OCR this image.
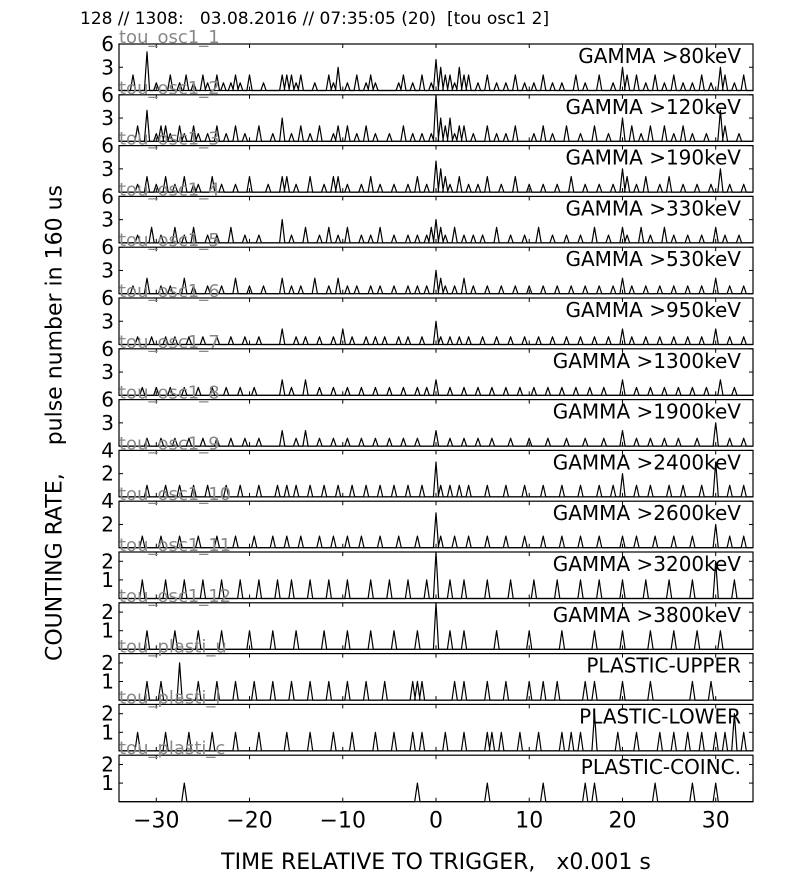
128 // 1308:   03.08.2016 // 07:35:05 (20)  [tou osc1 2]
3
6	GAMMA >80keV
tou_osc1_1
3
6	GAMMA >120keV
tou_osc1_2
3
6	GAMMA >190keV
tou_osc1_3
3
6	GAMMA >330keV
tou_osc1_4
3
6	GAMMA >530keV
tou_osc1_5
3
6	GAMMA >950keV
tou_osc1_6
3
6	GAMMA >1300keV
tou_osc1_7
3
6	GAMMA >1900keV
tou_osc1_8
2
4	GAMMA >2400keV
tou_osc1_9
2
4	GAMMA >2600keV
tou_osc1_10
1
2	GAMMA >3200keV
tou_osc1_11
1
2	GAMMA >3800keV
tou_osc1_12
1
2	PLASTIC-UPPER
tou_plasti_u
1
2	PLASTIC-LOWER
tou_plasti_l
1
2	PLASTIC-COINC.
tou_plasti_c
−30 −20 −10	0	10	20	30
COUNTING RATE,    pulse number in 160 us
TIME RELATIVE TO TRIGGER,   x0.001 s
